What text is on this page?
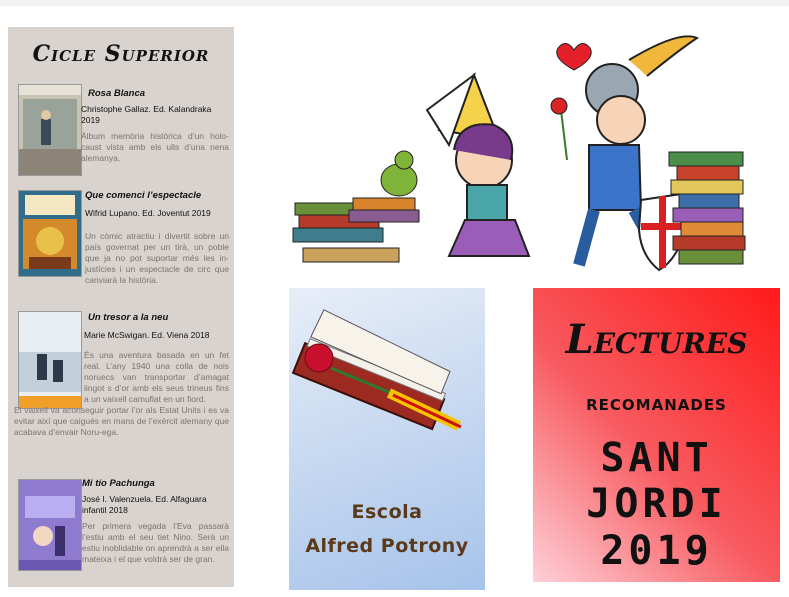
Cicle Superior
Rosa Blanca
Christophe Gallaz. Ed. Kalandraka 2019
Àlbum memòria històrica d’un holo-caust vista amb els ulls d’una nena alemanya.
Que comenci l’espectacle
Wifrid Lupano. Ed. Joventut 2019
Un còmic atractiu i divertit sobre un país governat per un tirà, un poble que ja no pot suportar més les in-justícies i un espectacle de circ que canviarà la història.
Un tresor a la neu
Marie McSwigan. Ed. Viena 2018
És una aventura basada en un fet real. L’any 1940 una colla de nois noruecs van transportar d’amagat lingot s d’or amb els seus trineus fins a un vaixell camuflat en un fiord.
El vaixell va aconseguir portar l’or als Estat Units i es va evitar així que caigués en mans de l’exèrcit alemany que acabava d’envair Noru-ega.
Mi tío Pachunga
José I. Valenzuela. Ed. Alfaguara infantil 2018
Per primera vegada l’Eva passarà l’estiu amb el seu tiet Nino. Serà un estiu inoblidable on aprendrà a ser ella mateixa i el que voldrà ser de gran.
Escola
Alfred Potrony
Lectures
recomanades
SANT
JORDI
2019
